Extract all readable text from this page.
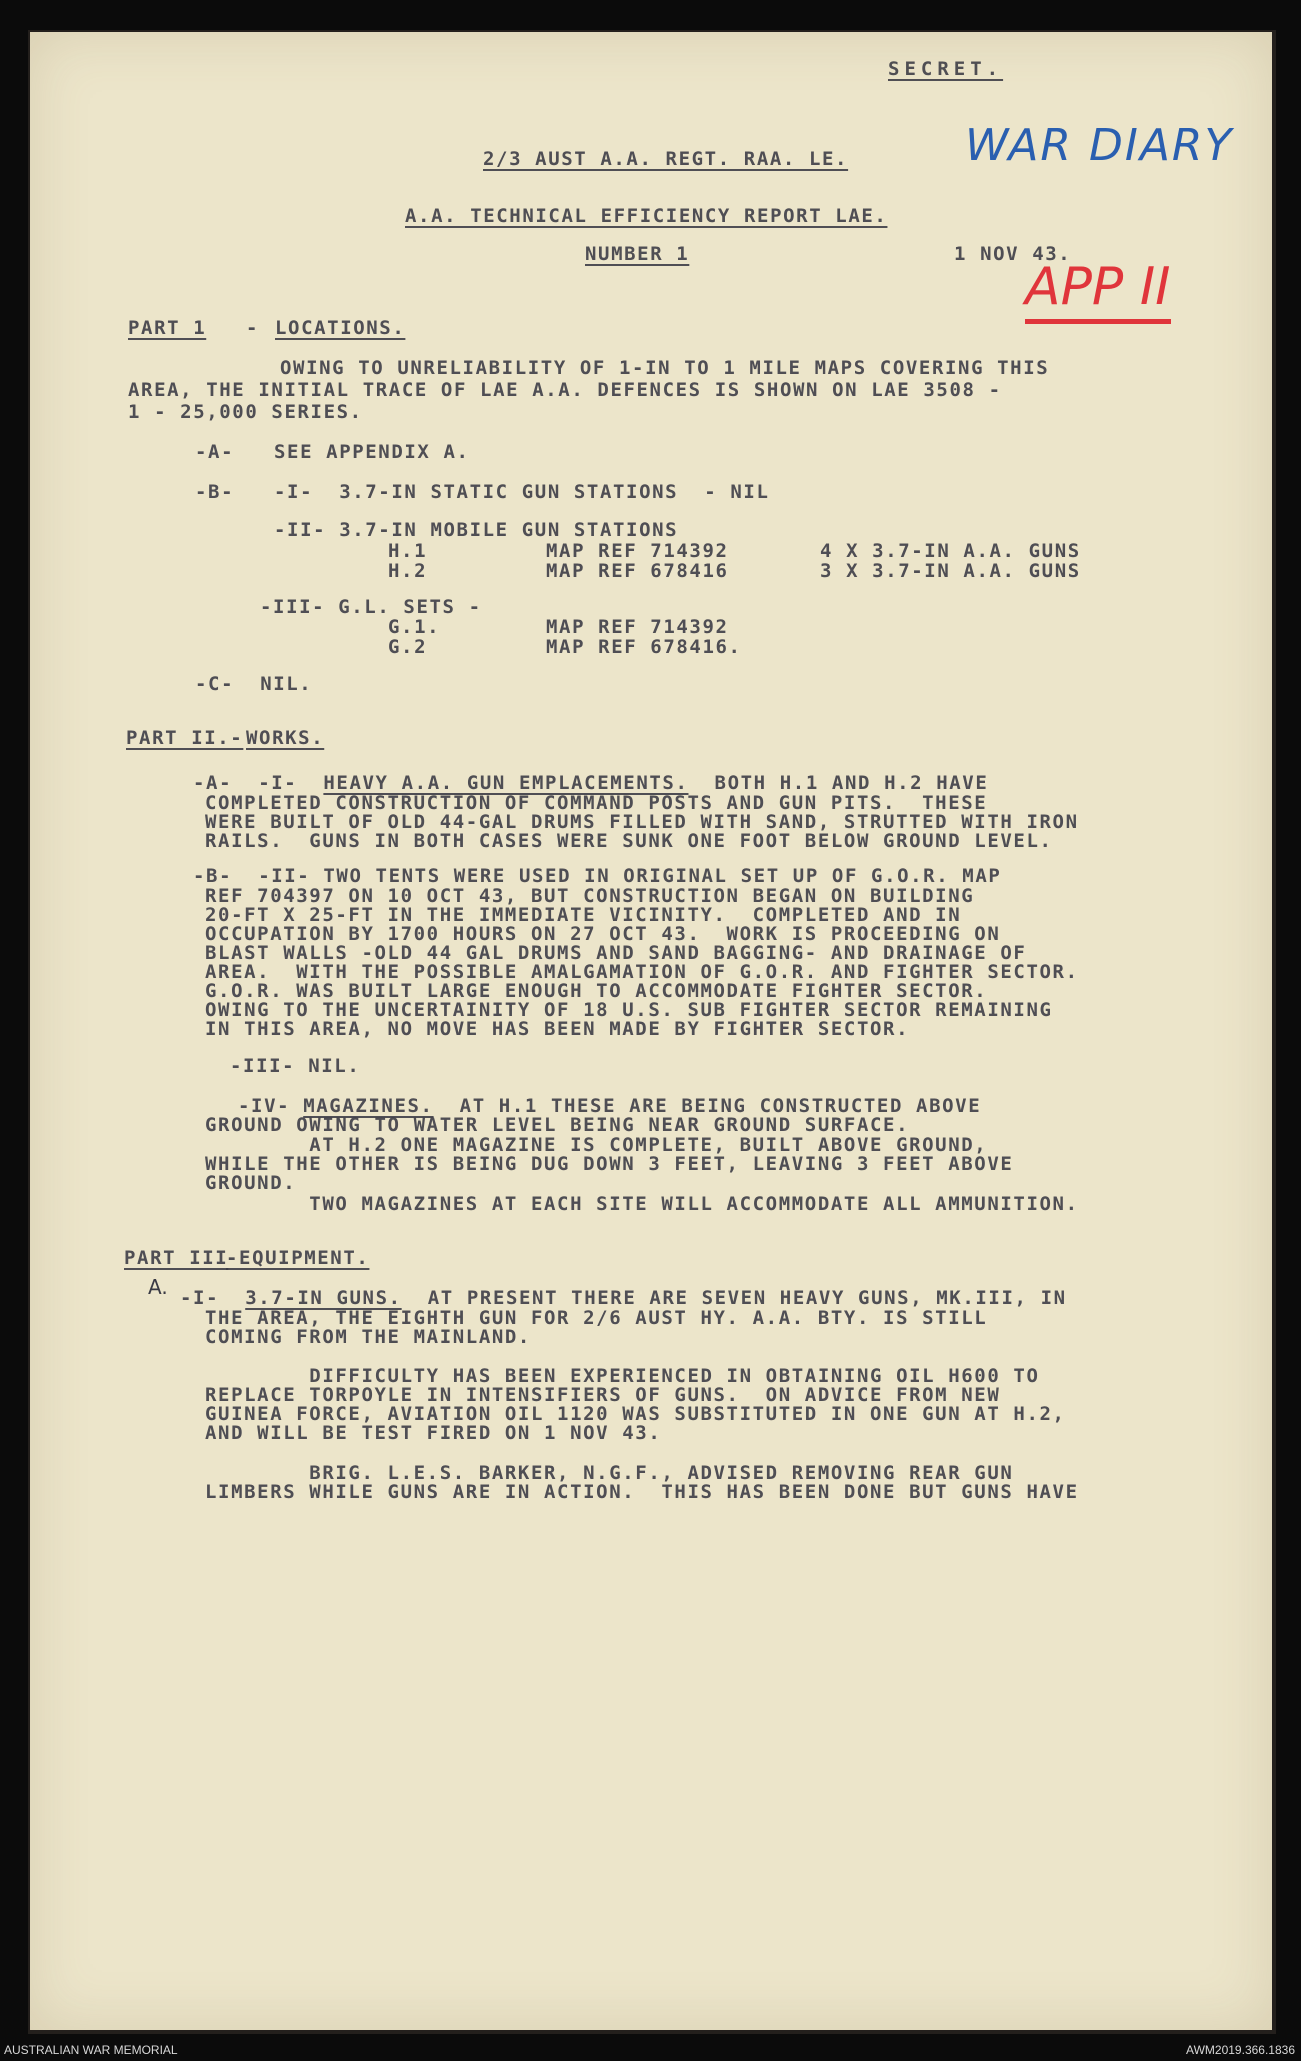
SECRET.
WAR DIARY
2/3 AUST A.A. REGT. RAA. LE.
A.A. TECHNICAL EFFICIENCY REPORT LAE.
NUMBER 1	1 NOV 43.
APP II
PART 1 - LOCATIONS.
OWING TO UNRELIABILITY OF 1-IN TO 1 MILE MAPS COVERING THIS
AREA, THE INITIAL TRACE OF LAE A.A. DEFENCES IS SHOWN ON LAE 3508 -
1 - 25,000 SERIES.
-A- SEE APPENDIX A.
-B- -I-  3.7-IN STATIC GUN STATIONS  - NIL
-II- 3.7-IN MOBILE GUN STATIONS
H.1	MAP REF 714392	4 X 3.7-IN A.A. GUNS
H.2	MAP REF 678416	3 X 3.7-IN A.A. GUNS
-III- G.L. SETS -
G.1.	MAP REF 714392
G.2	MAP REF 678416.
-C-  NIL.
PART II.- WORKS.
-A-  -I-  HEAVY A.A. GUN EMPLACEMENTS.  BOTH H.1 AND H.2 HAVE
COMPLETED CONSTRUCTION OF COMMAND POSTS AND GUN PITS.  THESE
WERE BUILT OF OLD 44-GAL DRUMS FILLED WITH SAND, STRUTTED WITH IRON
RAILS.  GUNS IN BOTH CASES WERE SUNK ONE FOOT BELOW GROUND LEVEL.
-B-  -II- TWO TENTS WERE USED IN ORIGINAL SET UP OF G.O.R. MAP
REF 704397 ON 10 OCT 43, BUT CONSTRUCTION BEGAN ON BUILDING
20-FT X 25-FT IN THE IMMEDIATE VICINITY.  COMPLETED AND IN
OCCUPATION BY 1700 HOURS ON 27 OCT 43.  WORK IS PROCEEDING ON
BLAST WALLS -OLD 44 GAL DRUMS AND SAND BAGGING- AND DRAINAGE OF
AREA.  WITH THE POSSIBLE AMALGAMATION OF G.O.R. AND FIGHTER SECTOR.
G.O.R. WAS BUILT LARGE ENOUGH TO ACCOMMODATE FIGHTER SECTOR.
OWING TO THE UNCERTAINITY OF 18 U.S. SUB FIGHTER SECTOR REMAINING
IN THIS AREA, NO MOVE HAS BEEN MADE BY FIGHTER SECTOR.
-III- NIL.
-IV- MAGAZINES.  AT H.1 THESE ARE BEING CONSTRUCTED ABOVE
GROUND OWING TO WATER LEVEL BEING NEAR GROUND SURFACE.
AT H.2 ONE MAGAZINE IS COMPLETE, BUILT ABOVE GROUND,
WHILE THE OTHER IS BEING DUG DOWN 3 FEET, LEAVING 3 FEET ABOVE
GROUND.
TWO MAGAZINES AT EACH SITE WILL ACCOMMODATE ALL AMMUNITION.
PART III
-EQUIPMENT.
A. -I-  3.7-IN GUNS.  AT PRESENT THERE ARE SEVEN HEAVY GUNS, MK.III, IN
THE AREA, THE EIGHTH GUN FOR 2/6 AUST HY. A.A. BTY. IS STILL
COMING FROM THE MAINLAND.
DIFFICULTY HAS BEEN EXPERIENCED IN OBTAINING OIL H600 TO
REPLACE TORPOYLE IN INTENSIFIERS OF GUNS.  ON ADVICE FROM NEW
GUINEA FORCE, AVIATION OIL 1120 WAS SUBSTITUTED IN ONE GUN AT H.2,
AND WILL BE TEST FIRED ON 1 NOV 43.
BRIG. L.E.S. BARKER, N.G.F., ADVISED REMOVING REAR GUN
LIMBERS WHILE GUNS ARE IN ACTION.  THIS HAS BEEN DONE BUT GUNS HAVE
AUSTRALIAN WAR MEMORIAL	AWM2019.366.1836
